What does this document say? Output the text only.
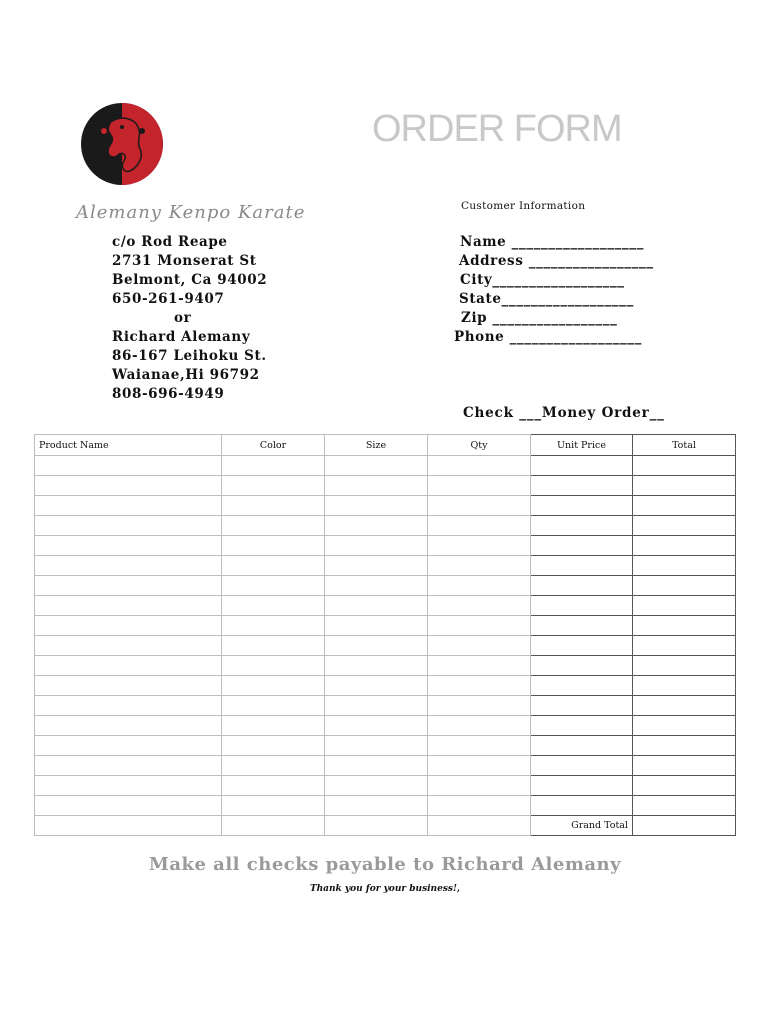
ORDER FORM
Alemany Kenpo Karate
c/o Rod Reape
2731 Monserat St
Belmont, Ca 94002
650-261-9407
or
Richard Alemany
86-167 Leihoku St.
Waianae,Hi 96792
808-696-4949
Customer Information
Name __________________
Address _________________
City__________________
State__________________
Zip _________________
Phone __________________
Check ___Money Order__
Product Name	Color	Size	Qty	Unit Price	Total

				Grand Total	
Make all checks payable to Richard Alemany
Thank you for your business!,
